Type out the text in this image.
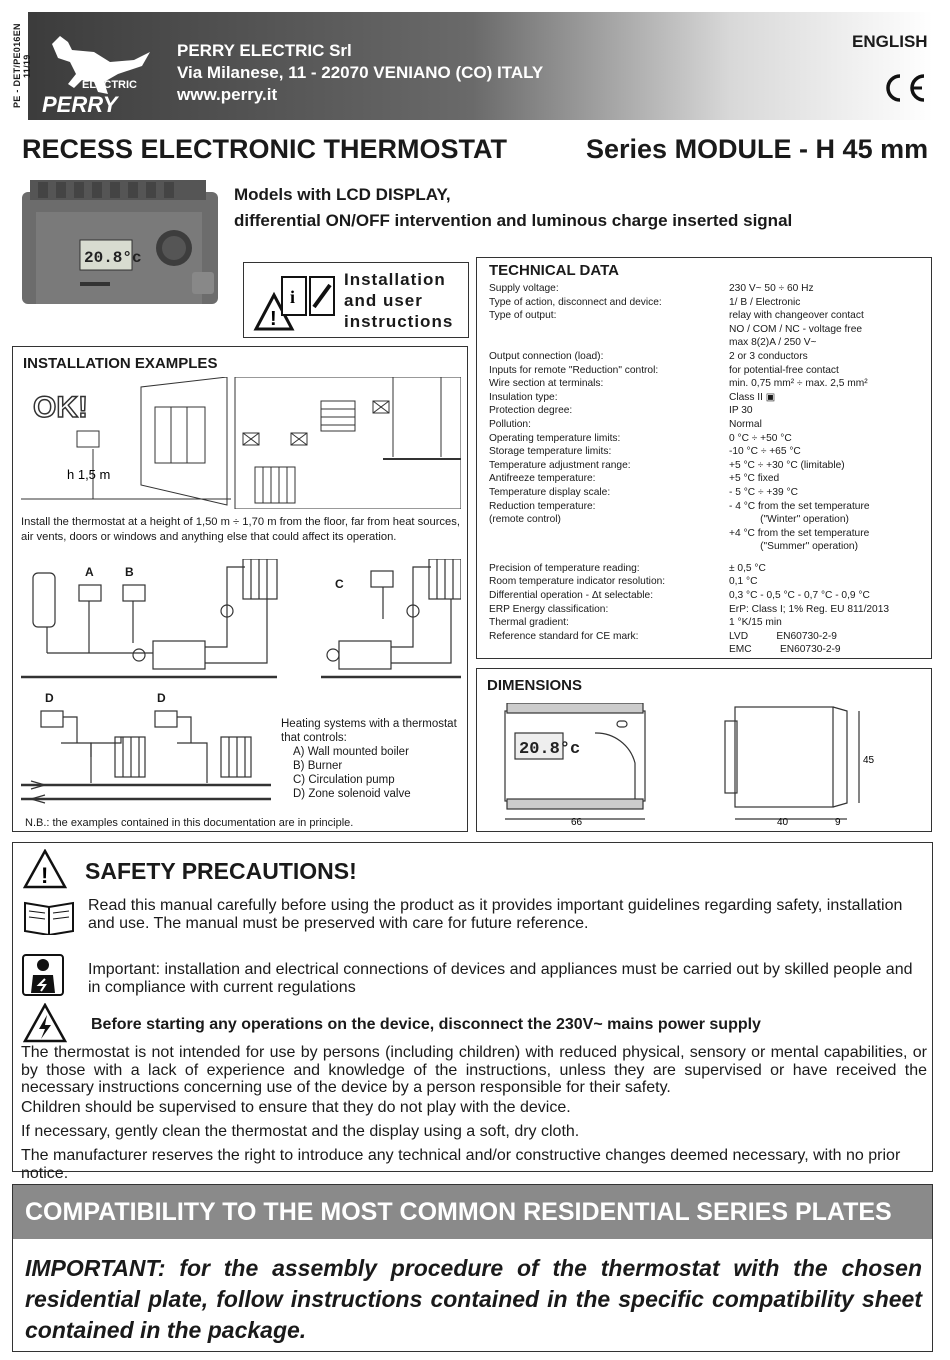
PE - DET/PE016EN 11/19
ELECTRIC
PERRY
PERRY ELECTRIC Srl
Via Milanese, 11 - 22070 VENIANO (CO) ITALY
www.perry.it
ENGLISH
RECESS ELECTRONIC THERMOSTAT	Series MODULE - H 45 mm
20.8°c
Models with LCD DISPLAY,
differential ON/OFF intervention and luminous charge inserted signal
!
i
Installation
and user
instructions
TECHNICAL DATA
Supply voltage:	230 V~ 50 ÷ 60 Hz
Type of action, disconnect and device:	1/ B / Electronic
Type of output:	relay with changeover contact
NO / COM / NC - voltage free
max 8(2)A / 250 V~
Output connection (load):	2 or 3 conductors
Inputs for remote "Reduction" control:	for potential-free contact
Wire section at terminals:	min. 0,75 mm² ÷ max. 2,5 mm²
Insulation type:	Class II ▣
Protection degree:	IP 30
Pollution:	Normal
Operating temperature limits:	0 °C ÷ +50 °C
Storage temperature limits:	-10 °C ÷ +65 °C
Temperature adjustment range:	+5 °C ÷ +30 °C (limitable)
Antifreeze temperature:	+5 °C fixed
Temperature display scale:	- 5 °C ÷ +39 °C
Reduction temperature:	- 4 °C from the set temperature
(remote control)	("Winter" operation)
+4 °C from the set temperature
("Summer" operation)
Precision of temperature reading:	± 0,5 °C
Room temperature indicator resolution:	0,1 °C
Differential operation - Δt selectable:	0,3 °C - 0,5 °C - 0,7 °C - 0,9 °C
ERP Energy classification:	ErP: Class I; 1% Reg. EU 811/2013
Thermal gradient:	1 °K/15 min
Reference standard for CE mark:	LVD          EN60730-2-9
EMC          EN60730-2-9
INSTALLATION EXAMPLES
OK!
h 1,5 m
Install the thermostat at a height of 1,50 m ÷ 1,70 m from the floor, far from heat sources, air vents, doors or windows and anything else that could affect its operation.
A	B
C
D	D
Heating systems with a thermostat
that controls:
A) Wall mounted boiler
B) Burner
C) Circulation pump
D) Zone solenoid valve
N.B.: the examples contained in this documentation are in principle.
DIMENSIONS
20.8°c
66	40	9
45
! SAFETY PRECAUTIONS!
Read this manual carefully before using the product as it provides important guidelines regarding safety, installation and use. The manual must be preserved with care for future reference.
Important: installation and electrical connections of devices and appliances must be carried out by skilled people and in compliance with current regulations
Before starting any operations on the device, disconnect the 230V~ mains power supply
The thermostat is not intended for use by persons (including children) with reduced physical, sensory or mental capabilities, or by those with a lack of experience and knowledge of the instructions, unless they are supervised or have received the necessary instructions concerning use of the device by a person responsible for their safety.
Children should be supervised to ensure that they do not play with the device.
If necessary, gently clean the thermostat and the display using a soft, dry cloth.
The manufacturer reserves the right to introduce any technical and/or constructive changes deemed necessary, with no prior notice.
COMPATIBILITY TO THE MOST COMMON RESIDENTIAL SERIES PLATES
IMPORTANT: for the assembly procedure of the thermostat with the chosen residential plate, follow instructions contained in the specific compatibility sheet contained in the package.
